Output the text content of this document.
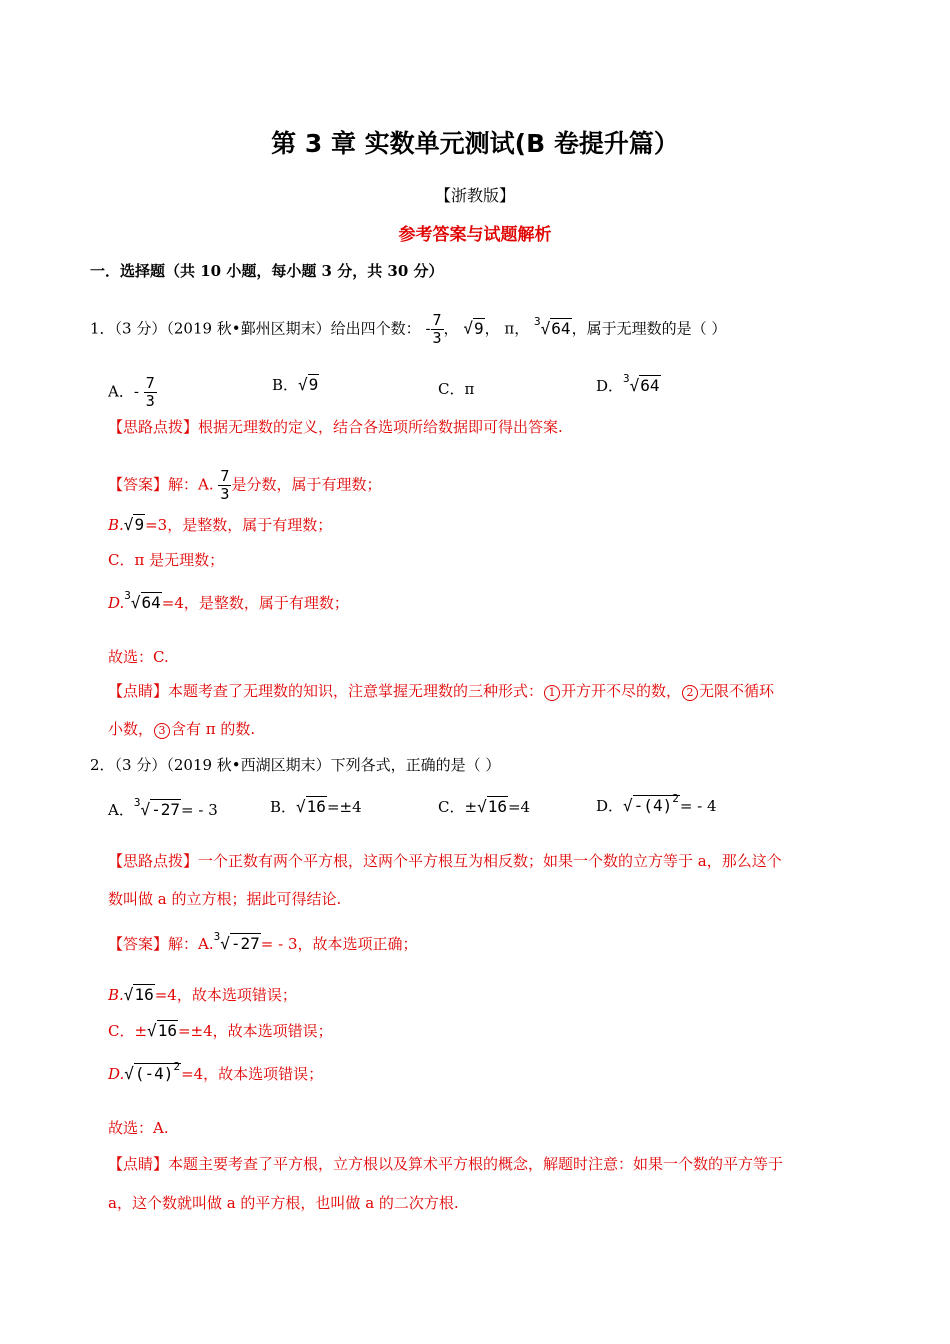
第 3 章 实数单元测试(B 卷提升篇）
【浙教版】
参考答案与试题解析
一．选择题（共 10 小题，每小题 3 分，共 30 分）
1．（3 分）（2019 秋•鄞州区期末）给出四个数： - $\frac{7}{3}$ ， √9， π， $^3$√64，属于无理数的是（ ）
A．- $\frac{7}{3}$	B．√9	C．π	D．$^3$√64
【思路点拨】根据无理数的定义，结合各选项所给数据即可得出答案.
【答案】解：A. $\frac{7}{3}$ 是分数，属于有理数；
B.√9=3，是整数，属于有理数；
C．π 是无理数；
D.$^3$√64=4，是整数，属于有理数；
故选：C.
【点睛】本题考查了无理数的知识，注意掌握无理数的三种形式： 1 开方开不尽的数， 2 无限不循环
小数， 3 含有 π 的数.
2．（3 分）（2019 秋•西湖区期末）下列各式，正确的是（ ）
A．$^3$√-27= - 3	B．√16=±4	C．±√16=4	D．$√-(4)^2= - 4$
【思路点拨】一个正数有两个平方根，这两个平方根互为相反数；如果一个数的立方等于 a，那么这个
数叫做 a 的立方根；据此可得结论.
【答案】解：A.$^3$√-27= - 3，故本选项正确；
B.√16=4，故本选项错误；
C．±√16=±4，故本选项错误；
$D.√(-4)^2=4$，故本选项错误；
故选：A.
【点睛】本题主要考查了平方根，立方根以及算术平方根的概念，解题时注意：如果一个数的平方等于
a，这个数就叫做 a 的平方根，也叫做 a 的二次方根.
